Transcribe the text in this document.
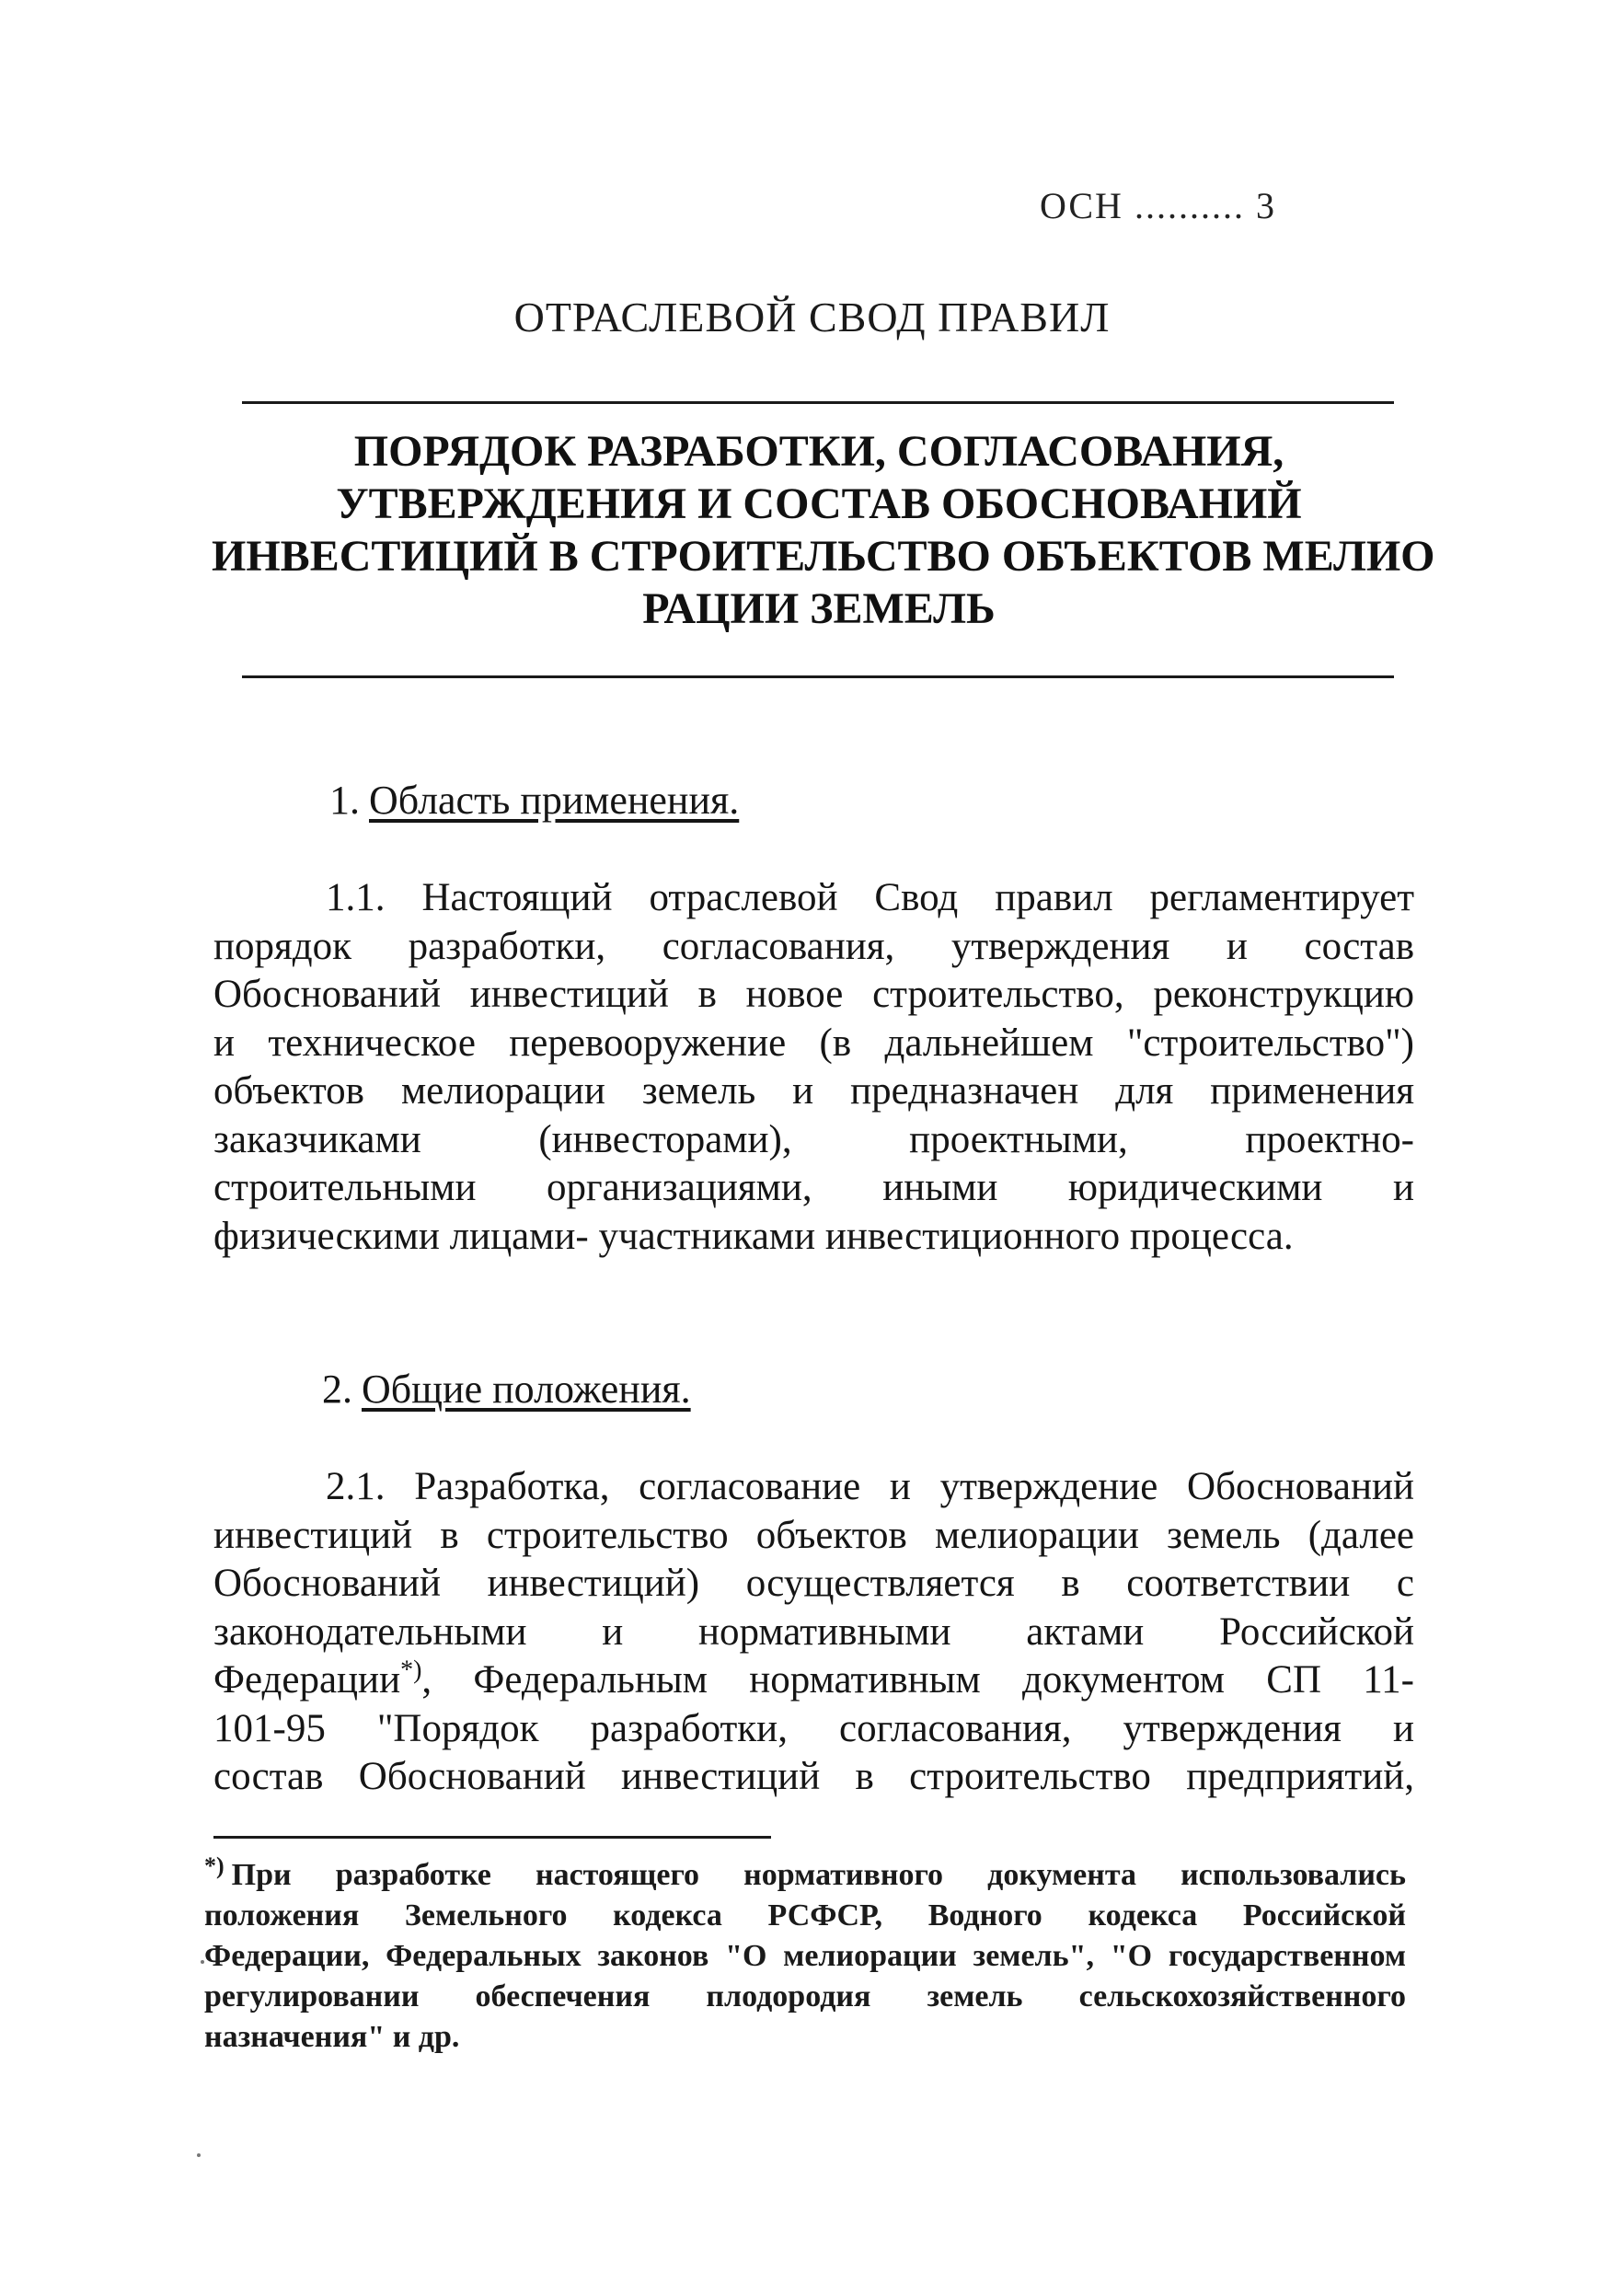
ОСН .......... 3
ОТРАСЛЕВОЙ СВОД ПРАВИЛ
ПОРЯДОК РАЗРАБОТКИ, СОГЛАСОВАНИЯ,
УТВЕРЖДЕНИЯ И СОСТАВ ОБОСНОВАНИЙ
ИНВЕСТИЦИЙ В СТРОИТЕЛЬСТВО ОБЪЕКТОВ МЕЛИО
РАЦИИ ЗЕМЕЛЬ
1. Область применения.
1.1. Настоящий отраслевой Свод правил регламентирует
порядок разработки, согласования, утверждения и состав
Обоснований инвестиций в новое строительство, реконструкцию
и техническое перевооружение (в дальнейшем "строительство")
объектов мелиорации земель и предназначен для применения
заказчиками (инвесторами), проектными, проектно-
строительными организациями, иными юридическими и
физическими лицами- участниками инвестиционного процесса.
2. Общие положения.
2.1. Разработка, согласование и утверждение Обоснований
инвестиций в строительство объектов мелиорации земель (далее
Обоснований инвестиций) осуществляется в соответствии с
законодательными и нормативными актами Российской
Федерации*), Федеральным нормативным документом СП 11-
101-95 "Порядок разработки, согласования, утверждения и
состав Обоснований инвестиций в строительство предприятий,
*) При разработке настоящего нормативного документа использовались
положения Земельного кодекса РСФСР, Водного кодекса Российской
Федерации, Федеральных законов "О мелиорации земель", "О государственном
регулировании обеспечения плодородия земель сельскохозяйственного
назначения" и др.
